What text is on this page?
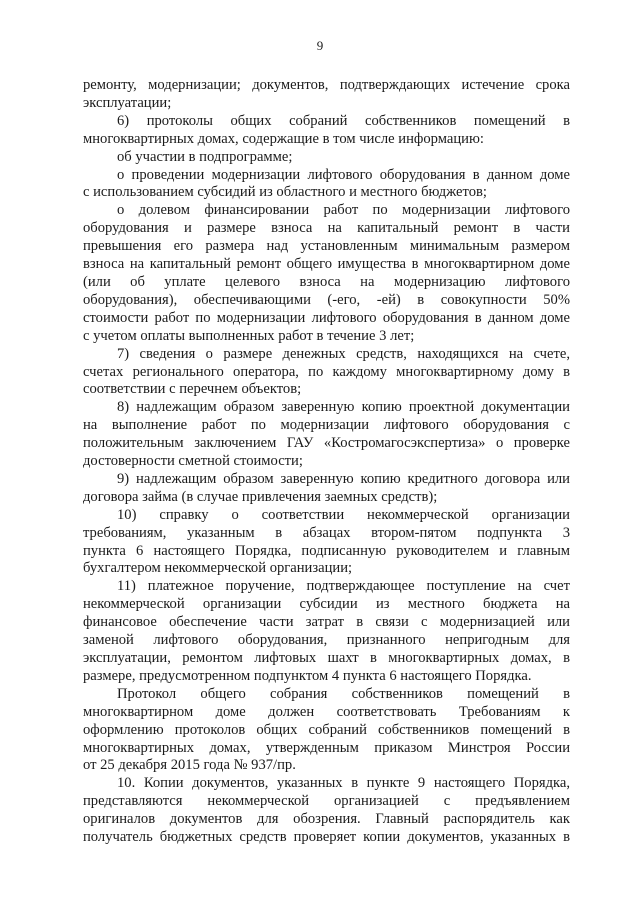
9
ремонту, модернизации; документов, подтверждающих истечение срока
эксплуатации;
6) протоколы общих собраний собственников помещений в
многоквартирных домах, содержащие в том числе информацию:
об участии в подпрограмме;
о проведении модернизации лифтового оборудования в данном доме
с использованием субсидий из областного и местного бюджетов;
о долевом финансировании работ по модернизации лифтового
оборудования и размере взноса на капитальный ремонт в части
превышения его размера над установленным минимальным размером
взноса на капитальный ремонт общего имущества в многоквартирном доме
(или об уплате целевого взноса на модернизацию лифтового
оборудования), обеспечивающими (-его, -ей) в совокупности 50%
стоимости работ по модернизации лифтового оборудования в данном доме
с учетом оплаты выполненных работ в течение 3 лет;
7) сведения о размере денежных средств, находящихся на счете,
счетах регионального оператора, по каждому многоквартирному дому в
соответствии с перечнем объектов;
8) надлежащим образом заверенную копию проектной документации
на выполнение работ по модернизации лифтового оборудования с
положительным заключением ГАУ «Костромагосэкспертиза» о проверке
достоверности сметной стоимости;
9) надлежащим образом заверенную копию кредитного договора или
договора займа (в случае привлечения заемных средств);
10) справку о соответствии некоммерческой организации
требованиям, указанным в абзацах втором-пятом подпункта 3
пункта 6 настоящего Порядка, подписанную руководителем и главным
бухгалтером некоммерческой организации;
11) платежное поручение, подтверждающее поступление на счет
некоммерческой организации субсидии из местного бюджета на
финансовое обеспечение части затрат в связи с модернизацией или
заменой лифтового оборудования, признанного непригодным для
эксплуатации, ремонтом лифтовых шахт в многоквартирных домах, в
размере, предусмотренном подпунктом 4 пункта 6 настоящего Порядка.
Протокол общего собрания собственников помещений в
многоквартирном доме должен соответствовать Требованиям к
оформлению протоколов общих собраний собственников помещений в
многоквартирных домах, утвержденным приказом Минстроя России
от 25 декабря 2015 года № 937/пр.
10. Копии документов, указанных в пункте 9 настоящего Порядка,
представляются некоммерческой организацией с предъявлением
оригиналов документов для обозрения. Главный распорядитель как
получатель бюджетных средств проверяет копии документов, указанных в
